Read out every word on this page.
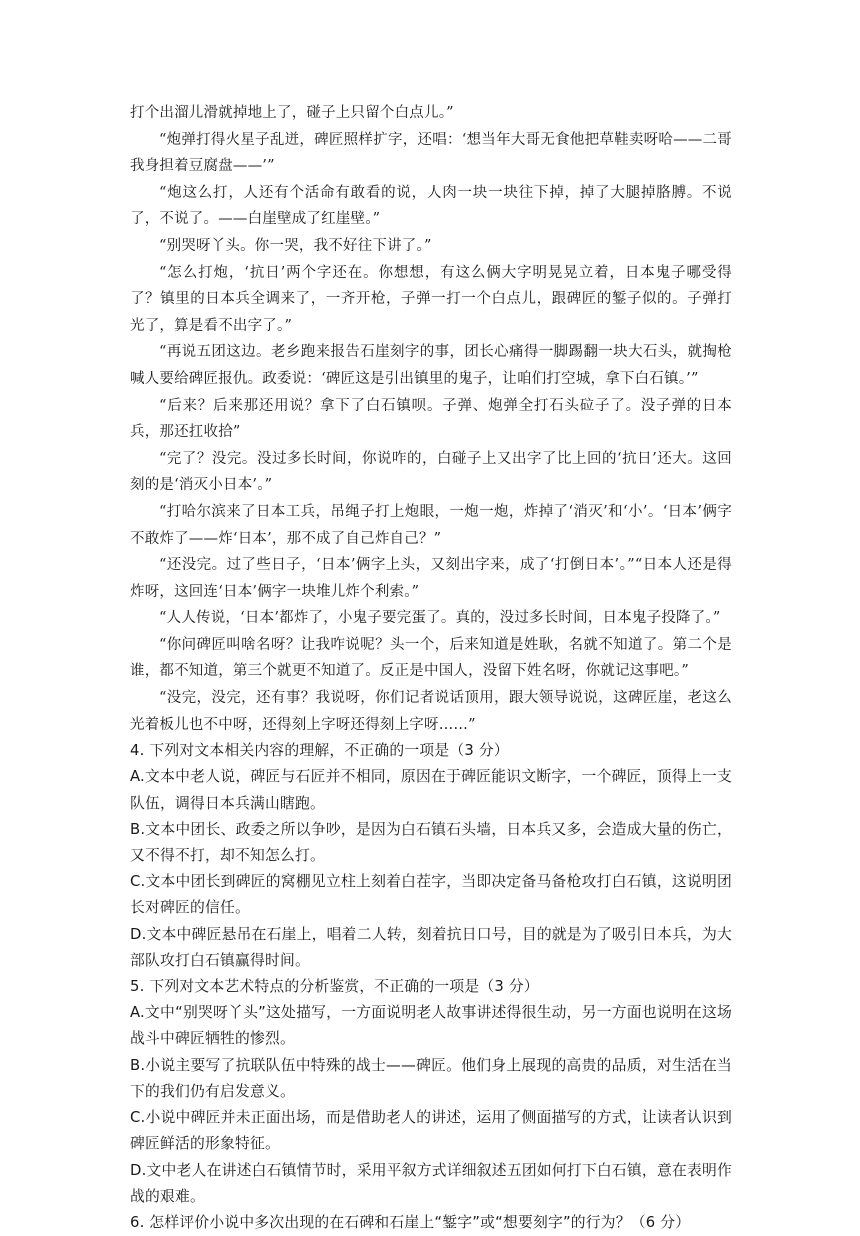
打个出溜儿滑就掉地上了，碰子上只留个白点儿。”

“炮弹打得火星子乱迸，碑匠照样扩字，还唱：‘想当年大哥无食他把草鞋卖呀哈——二哥我身担着豆腐盘——’”

“炮这么打，人还有个活命有敢看的说，人肉一块一块往下掉，掉了大腿掉胳膊。不说了，不说了。——白崖壁成了红崖壁。”

“别哭呀丫头。你一哭，我不好往下讲了。”

“怎么打炮，‘抗日’两个字还在。你想想，有这么俩大字明晃晃立着，日本鬼子哪受得了？镇里的日本兵全调来了，一齐开枪，子弹一打一个白点儿，跟碑匠的錾子似的。子弹打光了，算是看不出字了。”

“再说五团这边。老乡跑来报告石崖刻字的事，团长心痛得一脚踢翻一块大石头，就掏枪喊人要给碑匠报仇。政委说：‘碑匠这是引出镇里的鬼子，让咱们打空城，拿下白石镇。’”

“后来？后来那还用说？拿下了白石镇呗。子弹、炮弹全打石头砬子了。没子弹的日本兵，那还扛收拾”

“完了？没完。没过多长时间，你说咋的，白碰子上又出字了比上回的‘抗日’还大。这回刻的是‘消灭小日本’。”

“打哈尔滨来了日本工兵，吊绳子打上炮眼，一炮一炮，炸掉了‘消灭’和‘小’。‘日本’俩字不敢炸了——炸‘日本’，那不成了自己炸自己？”

“还没完。过了些日子，‘日本’俩字上头，又刻出字来，成了‘打倒日本’。”“日本人还是得炸呀，这回连‘日本’俩字一块堆儿炸个利索。”

“人人传说，‘日本’都炸了，小鬼子要完蛋了。真的，没过多长时间，日本鬼子投降了。”

“你问碑匠叫啥名呀？让我咋说呢？头一个，后来知道是姓耿，名就不知道了。第二个是谁，都不知道，第三个就更不知道了。反正是中国人，没留下姓名呀，你就记这事吧。”

“没完，没完，还有事？我说呀，你们记者说话顶用，跟大领导说说，这碑匠崖，老这么光着板儿也不中呀，还得刻上字呀还得刻上字呀……”

4. 下列对文本相关内容的理解，不正确的一项是（3 分）

A.文本中老人说，碑匠与石匠并不相同，原因在于碑匠能识文断字，一个碑匠，顶得上一支队伍，调得日本兵满山瞎跑。

B.文本中团长、政委之所以争吵，是因为白石镇石头墙，日本兵又多，会造成大量的伤亡，又不得不打，却不知怎么打。

C.文本中团长到碑匠的窝棚见立柱上刻着白茬字，当即决定备马备枪攻打白石镇，这说明团长对碑匠的信任。

D.文本中碑匠悬吊在石崖上，唱着二人转，刻着抗日口号，目的就是为了吸引日本兵，为大部队攻打白石镇赢得时间。

5. 下列对文本艺术特点的分析鉴赏，不正确的一项是（3 分）

A.文中“别哭呀丫头”这处描写，一方面说明老人故事讲述得很生动，另一方面也说明在这场战斗中碑匠牺牲的惨烈。

B.小说主要写了抗联队伍中特殊的战士——碑匠。他们身上展现的高贵的品质，对生活在当下的我们仍有启发意义。

C.小说中碑匠并未正面出场，而是借助老人的讲述，运用了侧面描写的方式，让读者认识到碑匠鲜活的形象特征。

D.文中老人在讲述白石镇情节时，采用平叙方式详细叙述五团如何打下白石镇，意在表明作战的艰难。

6. 怎样评价小说中多次出现的在石碑和石崖上“錾字”或“想要刻字”的行为？（6 分）
